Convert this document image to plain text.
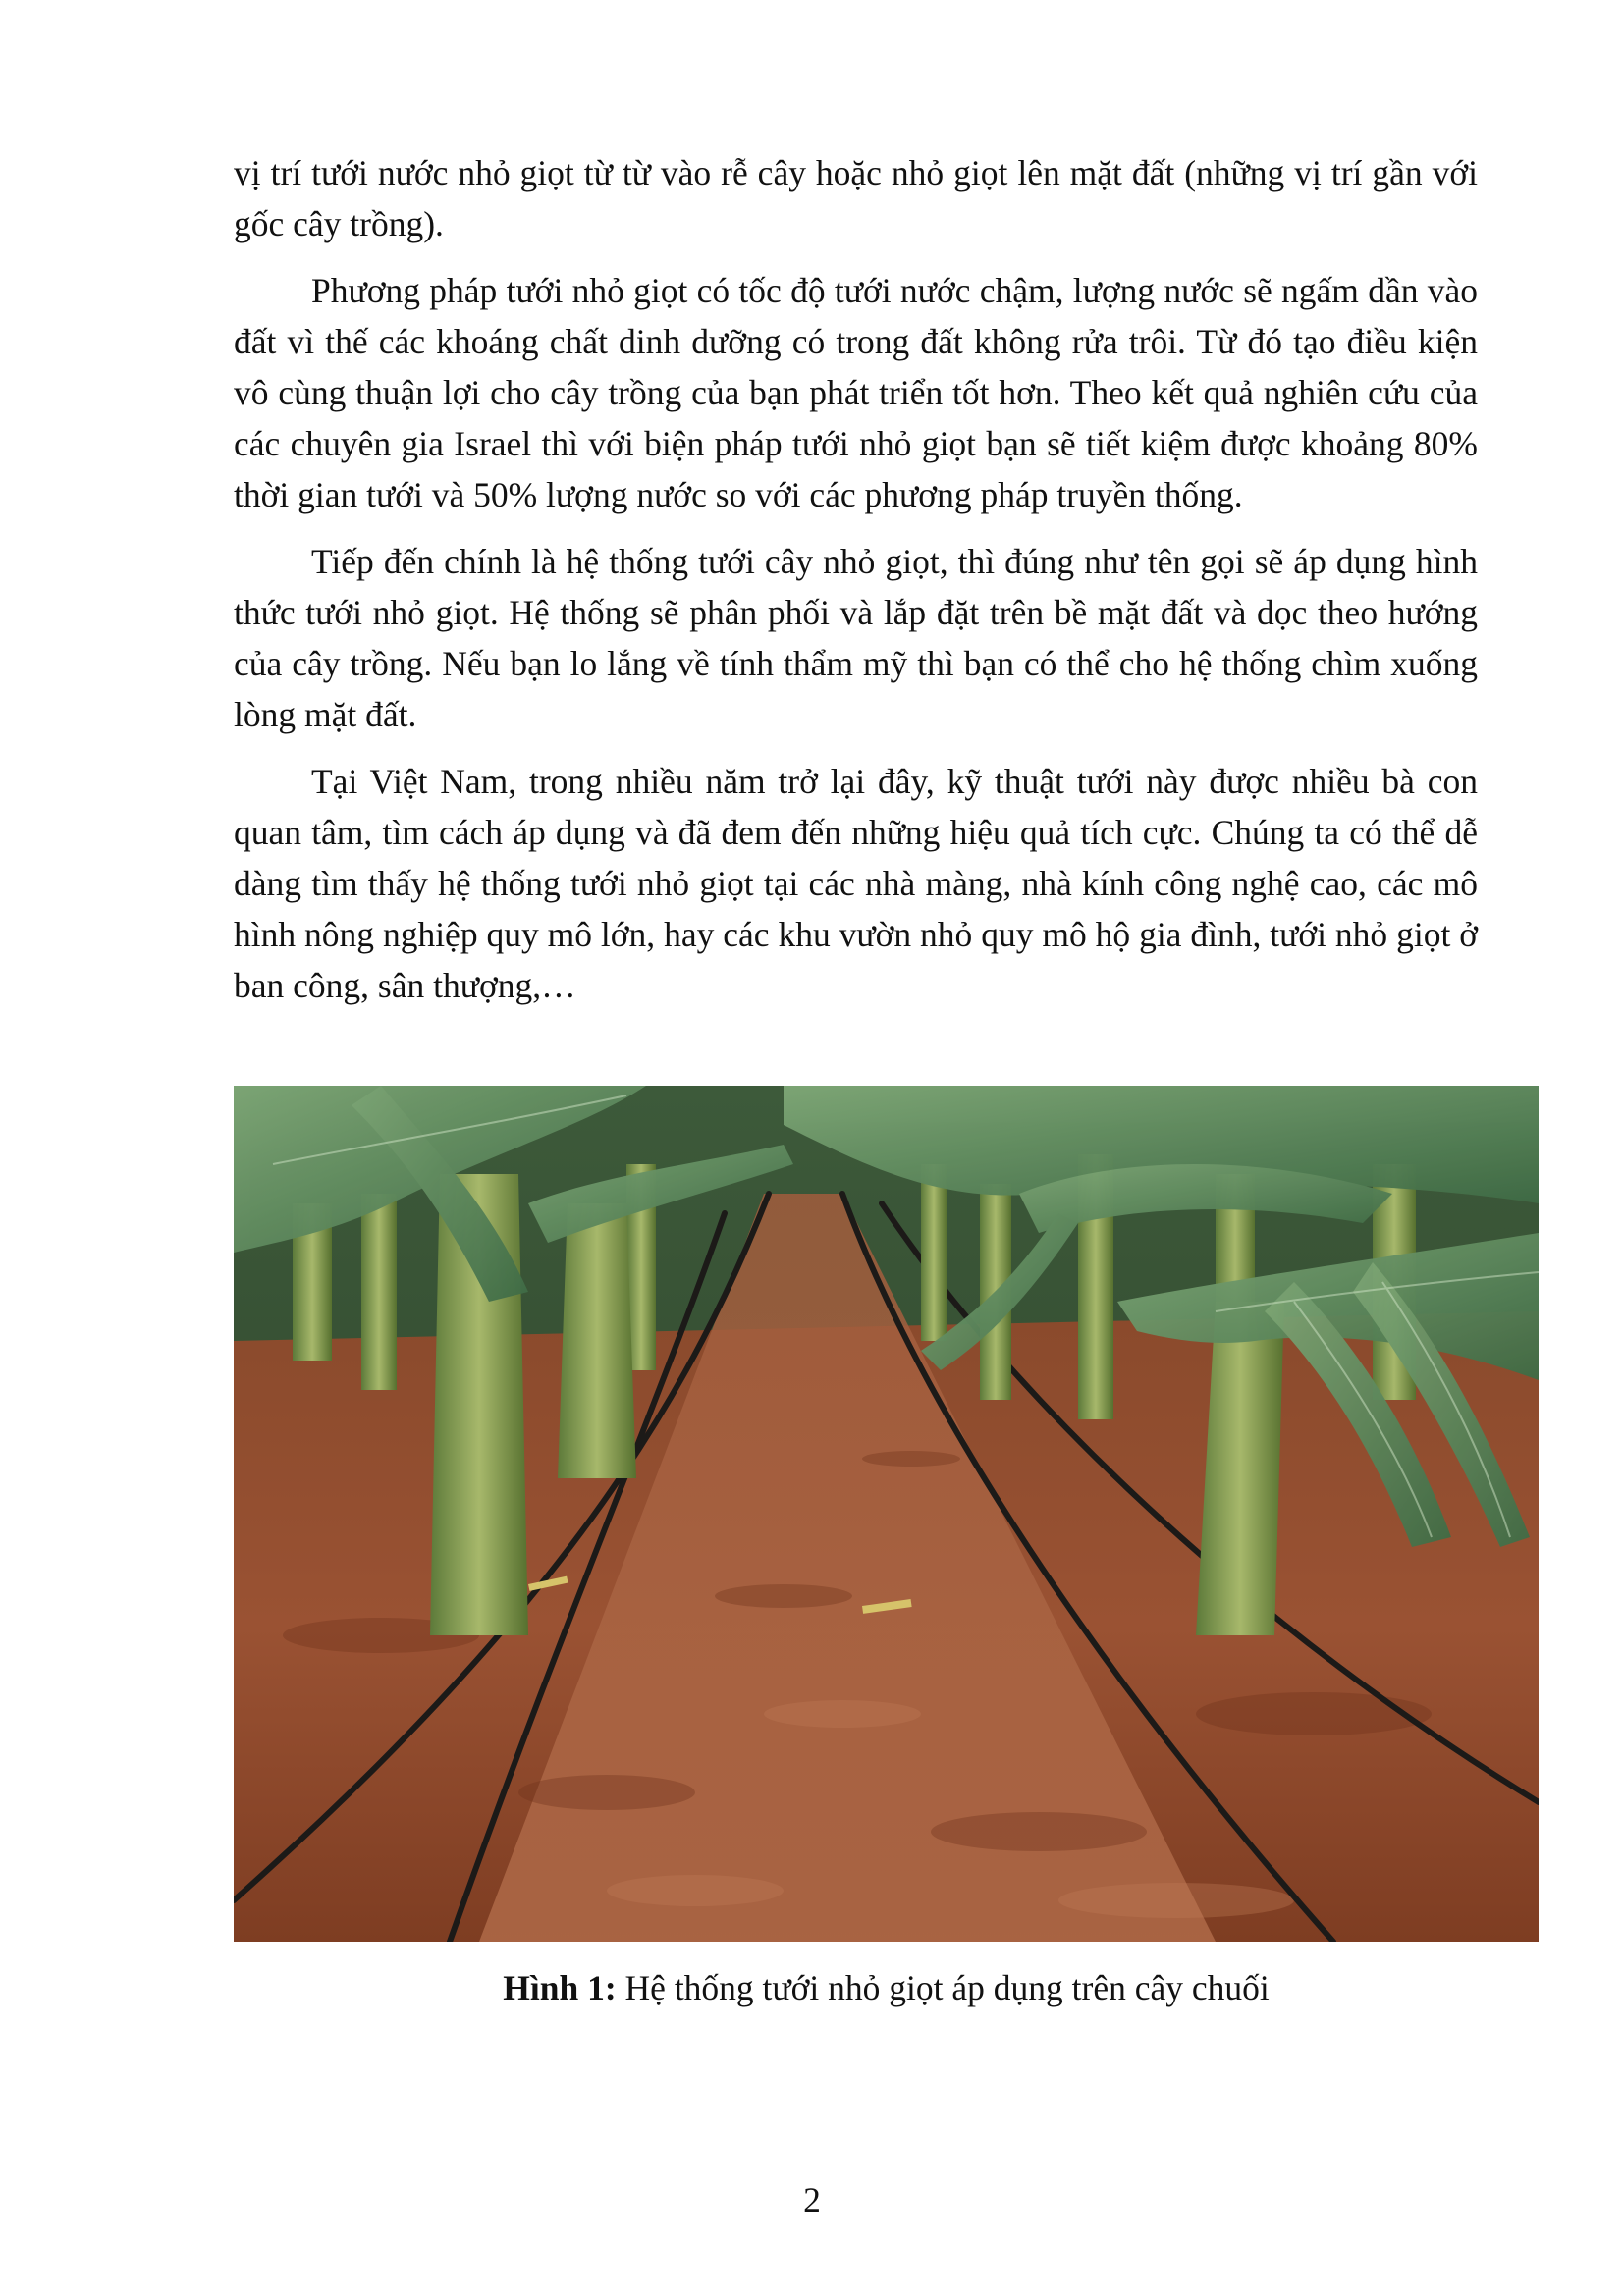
vị trí tưới nước nhỏ giọt từ từ vào rễ cây hoặc nhỏ giọt lên mặt đất (những vị trí gần với gốc cây trồng).

Phương pháp tưới nhỏ giọt có tốc độ tưới nước chậm, lượng nước sẽ ngấm dần vào đất vì thế các khoáng chất dinh dưỡng có trong đất không rửa trôi. Từ đó tạo điều kiện vô cùng thuận lợi cho cây trồng của bạn phát triển tốt hơn. Theo kết quả nghiên cứu của các chuyên gia Israel thì với biện pháp tưới nhỏ giọt bạn sẽ tiết kiệm được khoảng 80% thời gian tưới và 50% lượng nước so với các phương pháp truyền thống.

Tiếp đến chính là hệ thống tưới cây nhỏ giọt, thì đúng như tên gọi sẽ áp dụng hình thức tưới nhỏ giọt. Hệ thống sẽ phân phối và lắp đặt trên bề mặt đất và dọc theo hướng của cây trồng. Nếu bạn lo lắng về tính thẩm mỹ thì bạn có thể cho hệ thống chìm xuống lòng mặt đất.

Tại Việt Nam, trong nhiều năm trở lại đây, kỹ thuật tưới này được nhiều bà con quan tâm, tìm cách áp dụng và đã đem đến những hiệu quả tích cực. Chúng ta có thể dễ dàng tìm thấy hệ thống tưới nhỏ giọt tại các nhà màng, nhà kính công nghệ cao, các mô hình nông nghiệp quy mô lớn, hay các khu vườn nhỏ quy mô hộ gia đình, tưới nhỏ giọt ở ban công, sân thượng,…

Hình 1: Hệ thống tưới nhỏ giọt áp dụng trên cây chuối
2
